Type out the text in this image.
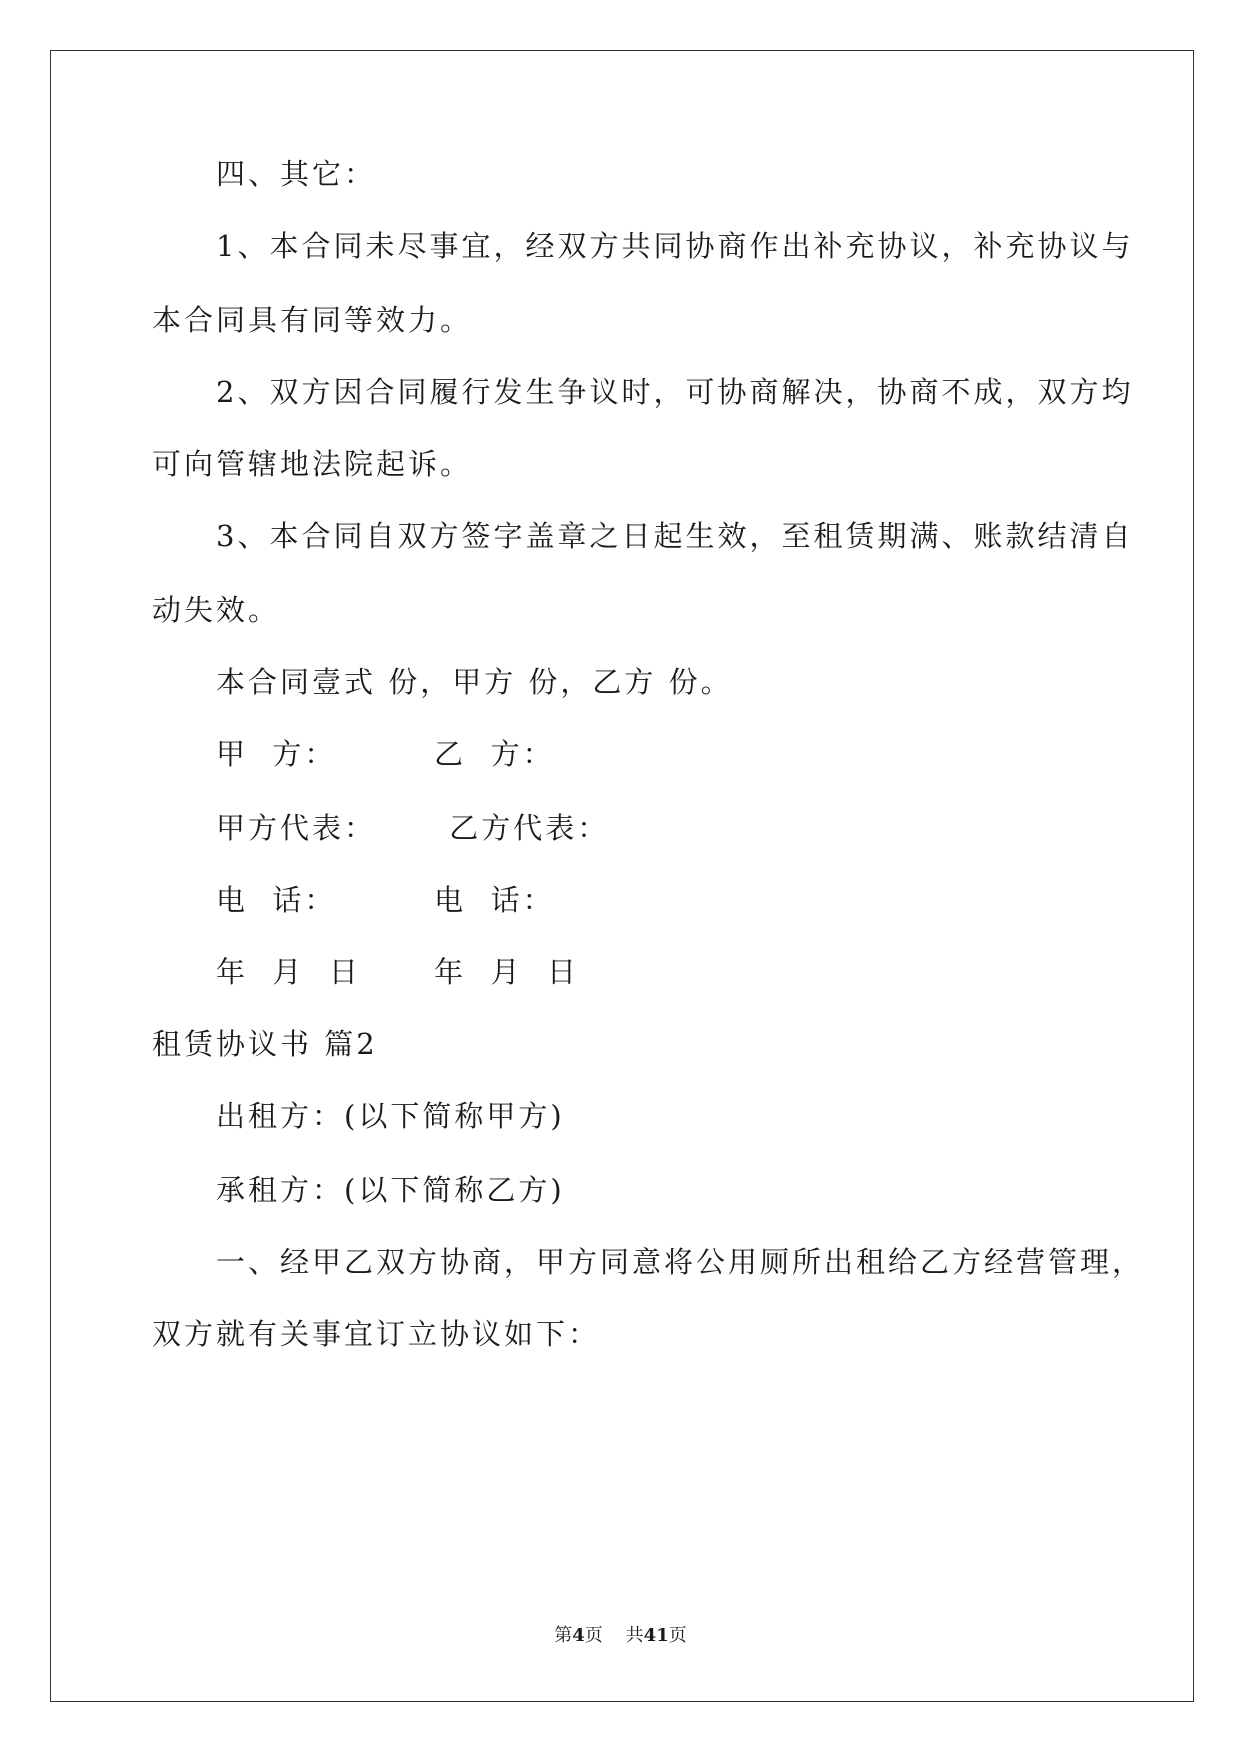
四、其它：
1、本合同未尽事宜，经双方共同协商作出补充协议，补充协议与
本合同具有同等效力。
2、双方因合同履行发生争议时，可协商解决，协商不成，双方均
可向管辖地法院起诉。
3、本合同自双方签字盖章之日起生效，至租赁期满、账款结清自
动失效。
本合同壹式 份，甲方 份，乙方 份。
甲  方：        乙  方：
甲方代表：      乙方代表：
电  话：        电  话：
年  月  日      年  月  日
租赁协议书 篇2
出租方：(以下简称甲方)
承租方：(以下简称乙方)
一、经甲乙双方协商，甲方同意将公用厕所出租给乙方经营管理，
双方就有关事宜订立协议如下：
第4页    共41页
